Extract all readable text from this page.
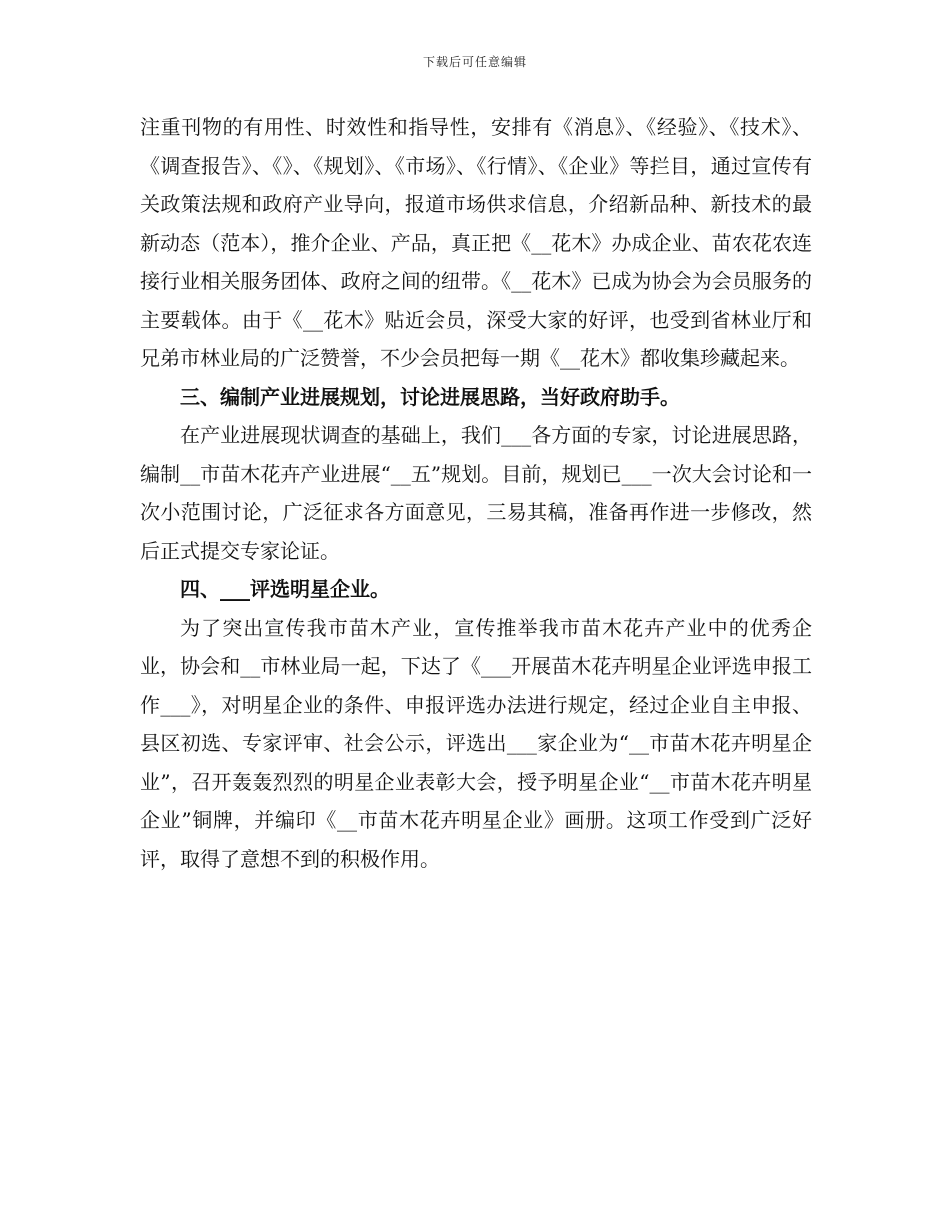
下载后可任意编辑

注重刊物的有用性、时效性和指导性，安排有《消息》、《经验》、《技术》、《调查报告》、《》、《规划》、《市场》、《行情》、《企业》等拦目，通过宣传有关政策法规和政府产业导向，报道市场供求信息，介绍新品种、新技术的最新动态（范本），推介企业、产品，真正把《__花木》办成企业、苗农花农连接行业相关服务团体、政府之间的纽带。《__花木》已成为协会为会员服务的主要载体。由于《__花木》贴近会员，深受大家的好评，也受到省林业厅和兄弟市林业局的广泛赞誉，不少会员把每一期《__花木》都收集珍藏起来。

三、编制产业进展规划，讨论进展思路，当好政府助手。

在产业进展现状调查的基础上，我们___各方面的专家，讨论进展思路，编制__市苗木花卉产业进展“__五”规划。目前，规划已___一次大会讨论和一次小范围讨论，广泛征求各方面意见，三易其稿，准备再作进一步修改，然后正式提交专家论证。

四、___评选明星企业。

为了突出宣传我市苗木产业，宣传推举我市苗木花卉产业中的优秀企业，协会和__市林业局一起，下达了《___开展苗木花卉明星企业评选申报工作___》，对明星企业的条件、申报评选办法进行规定，经过企业自主申报、县区初选、专家评审、社会公示，评选出___家企业为“__市苗木花卉明星企业”，召开轰轰烈烈的明星企业表彰大会，授予明星企业“__市苗木花卉明星企业”铜牌，并编印《__市苗木花卉明星企业》画册。这项工作受到广泛好评，取得了意想不到的积极作用。
